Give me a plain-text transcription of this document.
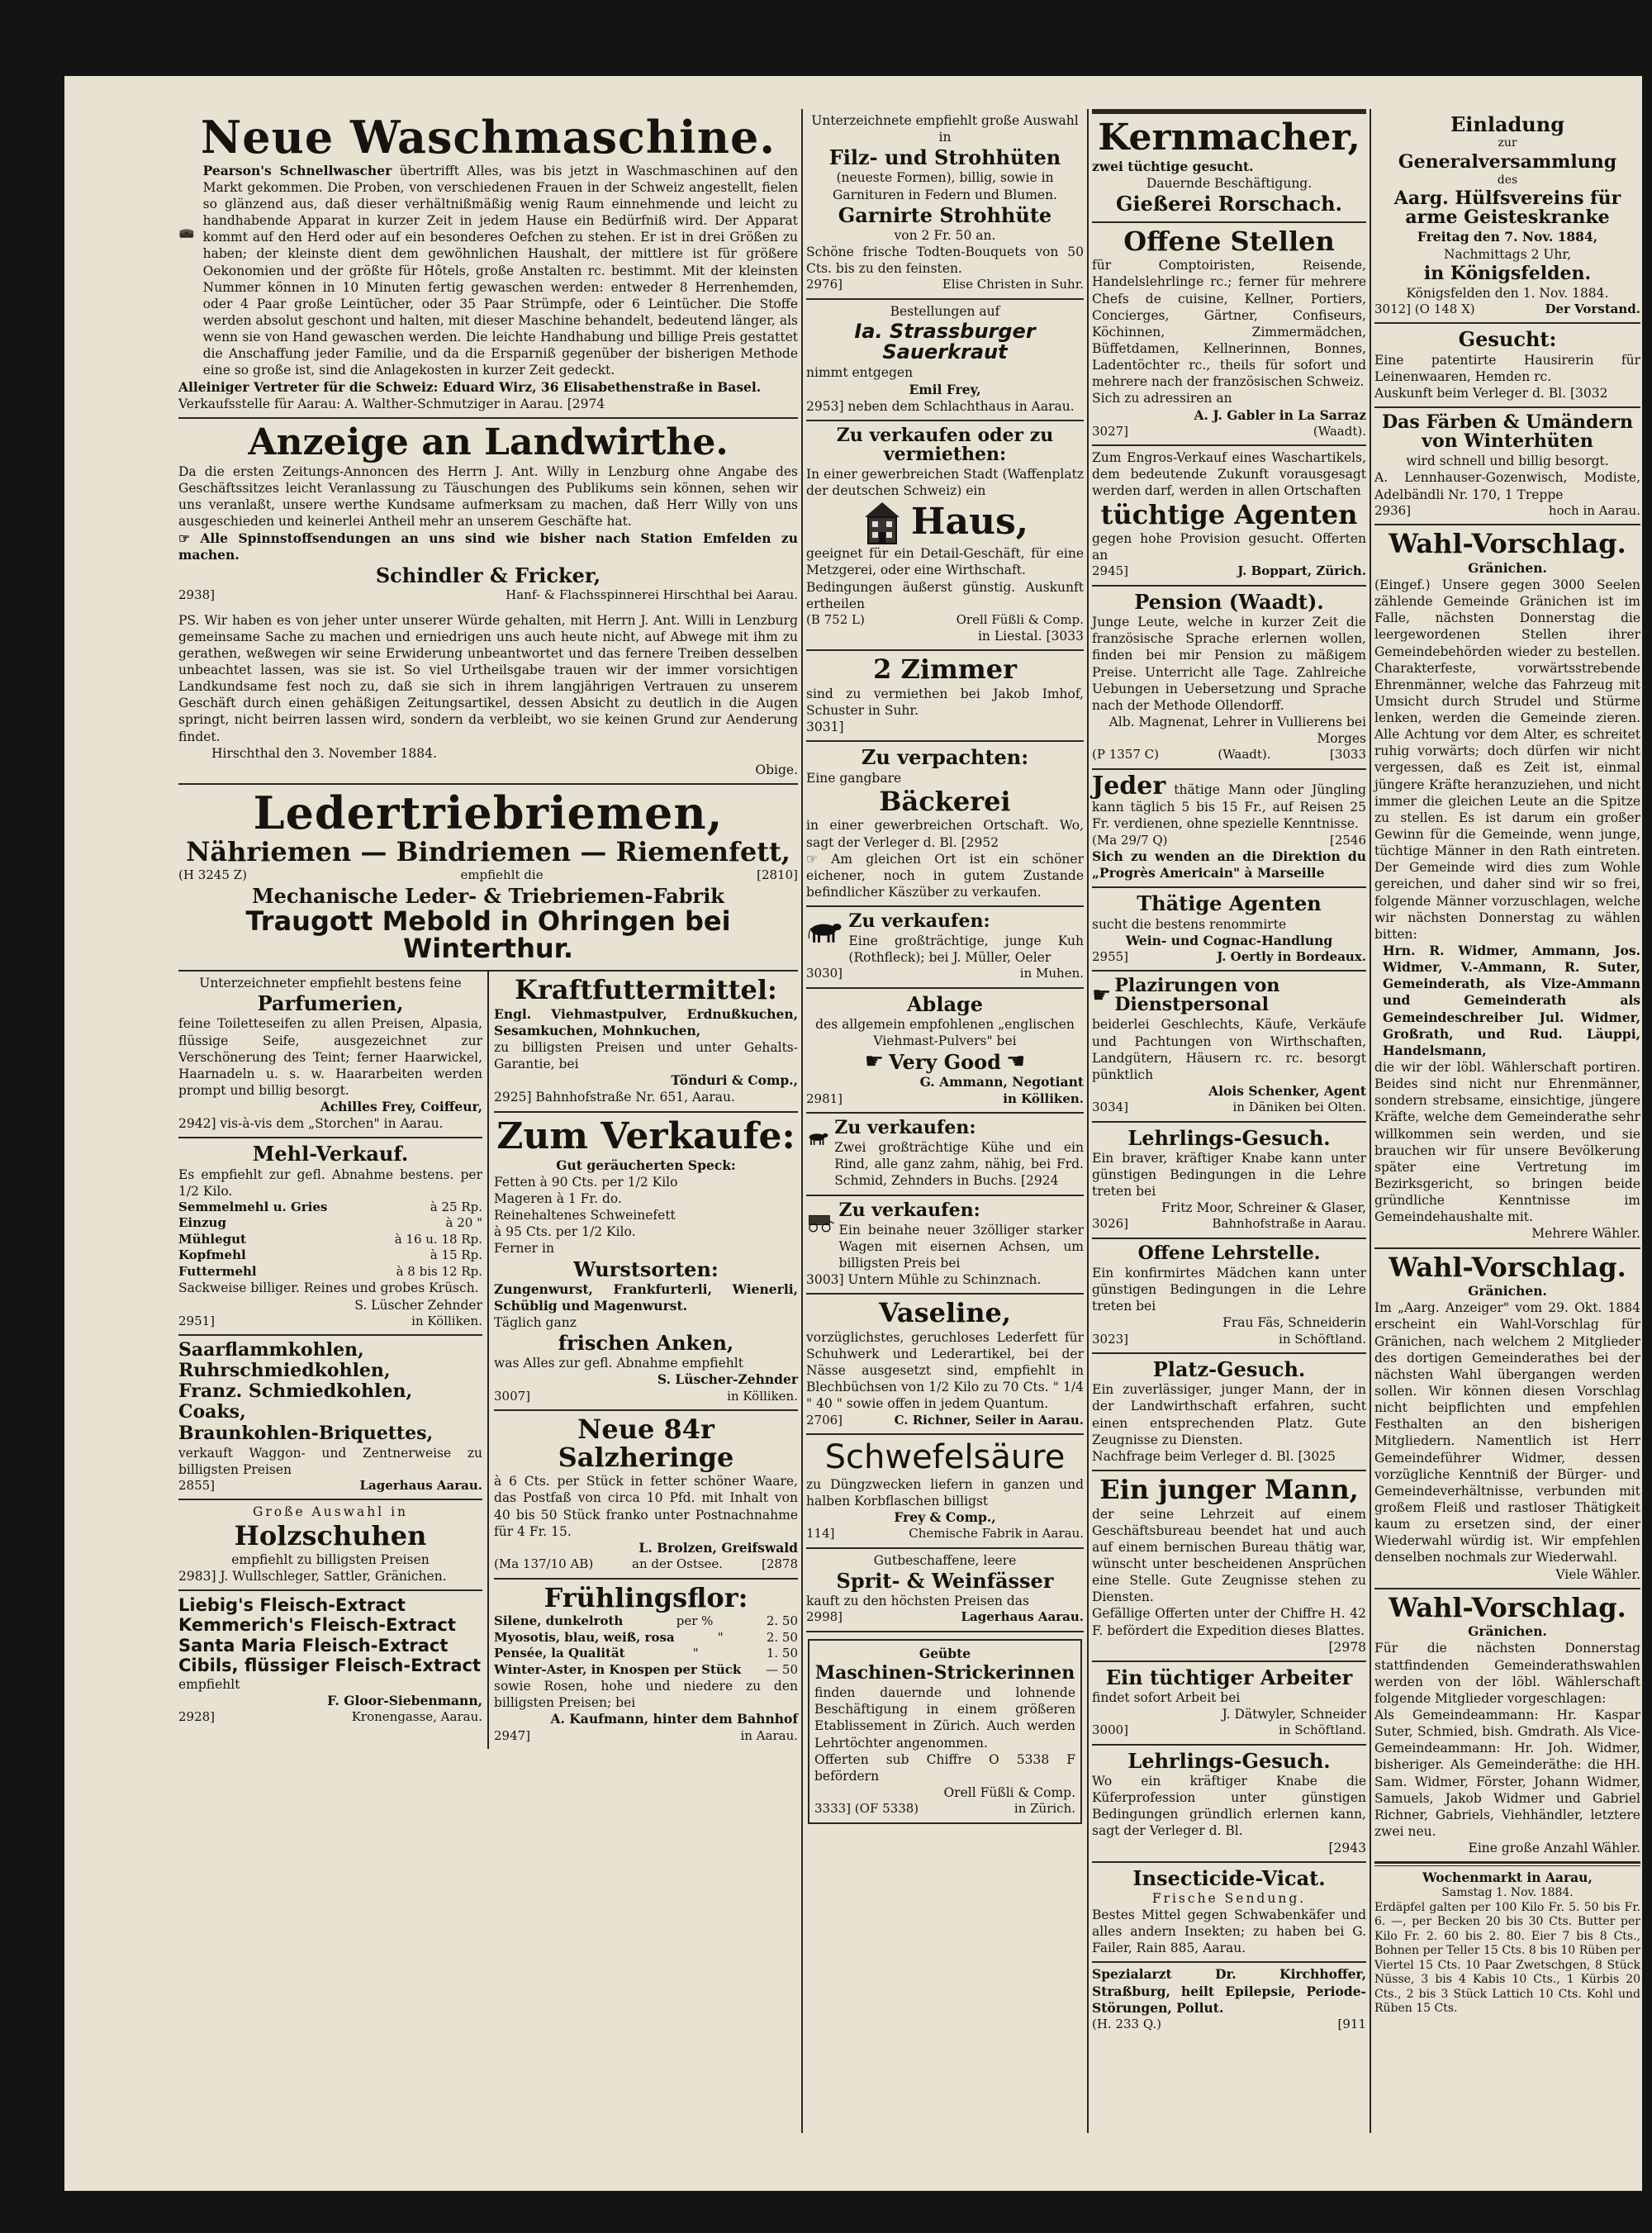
Neue Waschmaschine.

Pearson's Schnellwascher übertrifft Alles, was bis jetzt in Waschmaschinen auf den Markt gekommen. Die Proben, von verschiedenen Frauen in der Schweiz angestellt, fielen so glänzend aus, daß dieser verhältnißmäßig wenig Raum einnehmende und leicht zu handhabende Apparat in kurzer Zeit in jedem Hause ein Bedürfniß wird. Der Apparat kommt auf den Herd oder auf ein besonderes Oefchen zu stehen. Er ist in drei Größen zu haben; der kleinste dient dem gewöhnlichen Haushalt, der mittlere ist für größere Oekonomien und der größte für Hôtels, große Anstalten rc. bestimmt. Mit der kleinsten Nummer können in 10 Minuten fertig gewaschen werden: entweder 8 Herrenhemden, oder 4 Paar große Leintücher, oder 35 Paar Strümpfe, oder 6 Leintücher. Die Stoffe werden absolut geschont und halten, mit dieser Maschine behandelt, bedeutend länger, als wenn sie von Hand gewaschen werden. Die leichte Handhabung und billige Preis gestattet die Anschaffung jeder Familie, und da die Ersparniß gegenüber der bisherigen Methode eine so große ist, sind die Anlagekosten in kurzer Zeit gedeckt.

Alleiniger Vertreter für die Schweiz: Eduard Wirz, 36 Elisabethenstraße in Basel.

Verkaufsstelle für Aarau: A. Walther-Schmutziger in Aarau. [2974

Anzeige an Landwirthe.

Da die ersten Zeitungs-Annoncen des Herrn J. Ant. Willy in Lenzburg ohne Angabe des Geschäftssitzes leicht Veranlassung zu Täuschungen des Publikums sein können, sehen wir uns veranlaßt, unsere werthe Kundsame aufmerksam zu machen, daß Herr Willy von uns ausgeschieden und keinerlei Antheil mehr an unserem Geschäfte hat.

☞ Alle Spinnstoffsendungen an uns sind wie bisher nach Station Emfelden zu machen.

Schindler & Fricker,
2938]	Hanf- & Flachsspinnerei Hirschthal bei Aarau.

PS. Wir haben es von jeher unter unserer Würde gehalten, mit Herrn J. Ant. Willi in Lenzburg gemeinsame Sache zu machen und erniedrigen uns auch heute nicht, auf Abwege mit ihm zu gerathen, weßwegen wir seine Erwiderung unbeantwortet und das fernere Treiben desselben unbeachtet lassen, was sie ist. So viel Urtheilsgabe trauen wir der immer vorsichtigen Landkundsame fest noch zu, daß sie sich in ihrem langjährigen Vertrauen zu unserem Geschäft durch einen gehäßigen Zeitungsartikel, dessen Absicht zu deutlich in die Augen springt, nicht beirren lassen wird, sondern da verbleibt, wo sie keinen Grund zur Aenderung findet.

Hirschthal den 3. November 1884.

Obige.

Ledertriebriemen,
Nähriemen — Bindriemen — Riemenfett,
(H 3245 Z)	empfiehlt die	[2810]
Mechanische Leder- & Triebriemen-Fabrik
Traugott Mebold in Ohringen bei Winterthur.

Unterzeichneter empfiehlt bestens feine

Parfumerien,

feine Toiletteseifen zu allen Preisen, Alpasia, flüssige Seife, ausgezeichnet zur Verschönerung des Teint; ferner Haarwickel, Haarnadeln u. s. w. Haararbeiten werden prompt und billig besorgt.

Achilles Frey, Coiffeur,

2942] vis-à-vis dem „Storchen" in Aarau.

Mehl-Verkauf.

Es empfiehlt zur gefl. Abnahme bestens. per 1/2 Kilo.

Semmelmehl u. Gries	à 25 Rp.
Einzug	à 20 "
Mühlegut	à 16 u. 18 Rp.
Kopfmehl	à 15 Rp.
Futtermehl	à 8 bis 12 Rp.

Sackweise billiger. Reines und grobes Krüsch.

S. Lüscher Zehnder

2951]	in Kölliken.
Saarflammkohlen,
Ruhrschmiedkohlen,
Franz. Schmiedkohlen,
Coaks,
Braunkohlen-Briquettes,

verkauft Waggon- und Zentnerweise zu billigsten Preisen

2855]	Lagerhaus Aarau.

Große Auswahl in

Holzschuhen

empfiehlt zu billigsten Preisen

2983] J. Wullschleger, Sattler, Gränichen.

Liebig's Fleisch-Extract
Kemmerich's Fleisch-Extract
Santa Maria Fleisch-Extract
Cibils, flüssiger Fleisch-Extract

empfiehlt

F. Gloor-Siebenmann,

2928]	Kronengasse, Aarau.
Kraftfuttermittel:

Engl. Viehmastpulver, Erdnußkuchen, Sesamkuchen, Mohnkuchen,

zu billigsten Preisen und unter Gehalts-Garantie, bei

Tönduri & Comp.,

2925] Bahnhofstraße Nr. 651, Aarau.

Zum Verkaufe:

Gut geräucherten Speck:

Fetten à 90 Cts. per 1/2 Kilo
Mageren à 1 Fr. do.
Reinehaltenes Schweinefett
à 95 Cts. per 1/2 Kilo.

Ferner in

Wurstsorten:

Zungenwurst, Frankfurterli, Wienerli, Schüblig und Magenwurst.

Täglich ganz

frischen Anken,

was Alles zur gefl. Abnahme empfiehlt

S. Lüscher-Zehnder

3007]	in Kölliken.
Neue 84r Salzheringe

à 6 Cts. per Stück in fetter schöner Waare, das Postfaß von circa 10 Pfd. mit Inhalt von 40 bis 50 Stück franko unter Postnachnahme für 4 Fr. 15.

L. Brolzen, Greifswald

(Ma 137/10 AB)	an der Ostsee.	[2878
Frühlingsflor:
Silene, dunkelroth	per %	2. 50
Myosotis, blau, weiß, rosa	"	2. 50
Pensée, la Qualität	"	1. 50
Winter-Aster, in Knospen per Stück — 50

sowie Rosen, hohe und niedere zu den billigsten Preisen; bei

A. Kaufmann, hinter dem Bahnhof

2947]	in Aarau.

Unterzeichnete empfiehlt große Auswahl in

Filz- und Strohhüten

(neueste Formen), billig, sowie in Garnituren in Federn und Blumen.

Garnirte Strohhüte

von 2 Fr. 50 an.

Schöne frische Todten-Bouquets von 50 Cts. bis zu den feinsten.

2976]	Elise Christen in Suhr.

Bestellungen auf

Ia. Strassburger Sauerkraut

nimmt entgegen

Emil Frey,

2953] neben dem Schlachthaus in Aarau.

Zu verkaufen oder zu vermiethen:

In einer gewerbreichen Stadt (Waffenplatz der deutschen Schweiz) ein

Haus,

geeignet für ein Detail-Geschäft, für eine Metzgerei, oder eine Wirthschaft.

Bedingungen äußerst günstig. Auskunft ertheilen

(B 752 L)	Orell Füßli & Comp.

in Liestal. [3033

2 Zimmer

sind zu vermiethen bei Jakob Imhof, Schuster in Suhr.

3031]

Zu verpachten:

Eine gangbare

Bäckerei

in einer gewerbreichen Ortschaft. Wo, sagt der Verleger d. Bl. [2952

☞ Am gleichen Ort ist ein schöner eichener, noch in gutem Zustande befindlicher Käszüber zu verkaufen.

Zu verkaufen:

Eine großträchtige, junge Kuh (Rothfleck); bei J. Müller, Oeler

3030]	in Muhen.
Ablage

des allgemein empfohlenen „englischen Viehmast-Pulvers" bei

☛ Very Good ☚

G. Ammann, Negotiant

2981]	in Kölliken.
Zu verkaufen:

Zwei großträchtige Kühe und ein Rind, alle ganz zahm, nähig, bei Frd. Schmid, Zehnders in Buchs. [2924

Zu verkaufen:

Ein beinahe neuer 3zölliger starker Wagen mit eisernen Achsen, um billigsten Preis bei

3003] Untern Mühle zu Schinznach.

Vaseline,

vorzüglichstes, geruchloses Lederfett für Schuhwerk und Lederartikel, bei der Nässe ausgesetzt sind, empfiehlt in Blechbüchsen von 1/2 Kilo zu 70 Cts. " 1/4 " 40 " sowie offen in jedem Quantum.

2706]	C. Richner, Seiler in Aarau.
Schwefelsäure

zu Düngzwecken liefern in ganzen und halben Korbflaschen billigst

Frey & Comp.,

114]	Chemische Fabrik in Aarau.

Gutbeschaffene, leere

Sprit- & Weinfässer

kauft zu den höchsten Preisen das

2998]	Lagerhaus Aarau.

Geübte

Maschinen-Strickerinnen

finden dauernde und lohnende Beschäftigung in einem größeren Etablissement in Zürich. Auch werden Lehrtöchter angenommen.

Offerten sub Chiffre O 5338 F befördern

Orell Füßli & Comp.

3333] (OF 5338)	in Zürich.
Kernmacher,

zwei tüchtige gesucht.

Dauernde Beschäftigung.

Gießerei Rorschach.
Offene Stellen

für Comptoiristen, Reisende, Handelslehrlinge rc.; ferner für mehrere Chefs de cuisine, Kellner, Portiers, Concierges, Gärtner, Confiseurs, Köchinnen, Zimmermädchen, Büffetdamen, Kellnerinnen, Bonnes, Ladentöchter rc., theils für sofort und mehrere nach der französischen Schweiz.

Sich zu adressiren an

A. J. Gabler in La Sarraz

3027]	(Waadt).

Zum Engros-Verkauf eines Waschartikels, dem bedeutende Zukunft vorausgesagt werden darf, werden in allen Ortschaften

tüchtige Agenten

gegen hohe Provision gesucht. Offerten an

2945]	J. Boppart, Zürich.
Pension (Waadt).

Junge Leute, welche in kurzer Zeit die französische Sprache erlernen wollen, finden bei mir Pension zu mäßigem Preise. Unterricht alle Tage. Zahlreiche Uebungen in Uebersetzung und Sprache nach der Methode Ollendorff.

Alb. Magnenat, Lehrer in Vullierens bei Morges

(P 1357 C)	(Waadt).	[3033

Jeder thätige Mann oder Jüngling kann täglich 5 bis 15 Fr., auf Reisen 25 Fr. verdienen, ohne spezielle Kenntnisse.

(Ma 29/7 Q)	[2546

Sich zu wenden an die Direktion du „Progrès Americain" à Marseille

Thätige Agenten

sucht die bestens renommirte

Wein- und Cognac-Handlung

2955]	J. Oertly in Bordeaux.
☛ Plazirungen von Dienstpersonal

beiderlei Geschlechts, Käufe, Verkäufe und Pachtungen von Wirthschaften, Landgütern, Häusern rc. rc. besorgt pünktlich

Alois Schenker, Agent

3034]	in Däniken bei Olten.
Lehrlings-Gesuch.

Ein braver, kräftiger Knabe kann unter günstigen Bedingungen in die Lehre treten bei

Fritz Moor, Schreiner & Glaser,

3026]	Bahnhofstraße in Aarau.
Offene Lehrstelle.

Ein konfirmirtes Mädchen kann unter günstigen Bedingungen in die Lehre treten bei

Frau Fäs, Schneiderin

3023]	in Schöftland.
Platz-Gesuch.

Ein zuverlässiger, junger Mann, der in der Landwirthschaft erfahren, sucht einen entsprechenden Platz. Gute Zeugnisse zu Diensten.

Nachfrage beim Verleger d. Bl. [3025

Ein junger Mann,

der seine Lehrzeit auf einem Geschäftsbureau beendet hat und auch auf einem bernischen Bureau thätig war, wünscht unter bescheidenen Ansprüchen eine Stelle. Gute Zeugnisse stehen zu Diensten.

Gefällige Offerten unter der Chiffre H. 42 F. befördert die Expedition dieses Blattes.

[2978

Ein tüchtiger Arbeiter

findet sofort Arbeit bei

J. Dätwyler, Schneider

3000]	in Schöftland.
Lehrlings-Gesuch.

Wo ein kräftiger Knabe die Küferprofession unter günstigen Bedingungen gründlich erlernen kann, sagt der Verleger d. Bl.

[2943

Insecticide-Vicat.

Frische Sendung.

Bestes Mittel gegen Schwabenkäfer und alles andern Insekten; zu haben bei G. Failer, Rain 885, Aarau.

Spezialarzt Dr. Kirchhoffer, Straßburg, heilt Epilepsie, Periode-Störungen, Pollut.

(H. 233 Q.)	[911
Einladung

zur

Generalversammlung

des

Aarg. Hülfsvereins für arme Geisteskranke

Freitag den 7. Nov. 1884,

Nachmittags 2 Uhr,

in Königsfelden.

Königsfelden den 1. Nov. 1884.

3012] (O 148 X)	Der Vorstand.
Gesucht:

Eine patentirte Hausirerin für Leinenwaaren, Hemden rc.

Auskunft beim Verleger d. Bl. [3032

Das Färben & Umändern von Winterhüten

wird schnell und billig besorgt.

A. Lennhauser-Gozenwisch, Modiste, Adelbändli Nr. 170, 1 Treppe

2936]	hoch in Aarau.
Wahl-Vorschlag.

Gränichen.

(Eingef.) Unsere gegen 3000 Seelen zählende Gemeinde Gränichen ist im Falle, nächsten Donnerstag die leergewordenen Stellen ihrer Gemeindebehörden wieder zu bestellen. Charakterfeste, vorwärtsstrebende Ehrenmänner, welche das Fahrzeug mit Umsicht durch Strudel und Stürme lenken, werden die Gemeinde zieren. Alle Achtung vor dem Alter, es schreitet ruhig vorwärts; doch dürfen wir nicht vergessen, daß es Zeit ist, einmal jüngere Kräfte heranzuziehen, und nicht immer die gleichen Leute an die Spitze zu stellen. Es ist darum ein großer Gewinn für die Gemeinde, wenn junge, tüchtige Männer in den Rath eintreten. Der Gemeinde wird dies zum Wohle gereichen, und daher sind wir so frei, folgende Männer vorzuschlagen, welche wir nächsten Donnerstag zu wählen bitten:

Hrn. R. Widmer, Ammann, Jos. Widmer, V.-Ammann, R. Suter, Gemeinderath, als Vize-Ammann und Gemeinderath als Gemeindeschreiber Jul. Widmer, Großrath, und Rud. Läuppi, Handelsmann,

die wir der löbl. Wählerschaft portiren. Beides sind nicht nur Ehrenmänner, sondern strebsame, einsichtige, jüngere Kräfte, welche dem Gemeinderathe sehr willkommen sein werden, und sie brauchen wir für unsere Bevölkerung später eine Vertretung im Bezirksgericht, so bringen beide gründliche Kenntnisse im Gemeindehaushalte mit.

Mehrere Wähler.

Wahl-Vorschlag.

Gränichen.

Im „Aarg. Anzeiger" vom 29. Okt. 1884 erscheint ein Wahl-Vorschlag für Gränichen, nach welchem 2 Mitglieder des dortigen Gemeinderathes bei der nächsten Wahl übergangen werden sollen. Wir können diesen Vorschlag nicht beipflichten und empfehlen Festhalten an den bisherigen Mitgliedern. Namentlich ist Herr Gemeindeführer Widmer, dessen vorzügliche Kenntniß der Bürger- und Gemeindeverhältnisse, verbunden mit großem Fleiß und rastloser Thätigkeit kaum zu ersetzen sind, der einer Wiederwahl würdig ist. Wir empfehlen denselben nochmals zur Wiederwahl.

Viele Wähler.

Wahl-Vorschlag.

Gränichen.

Für die nächsten Donnerstag stattfindenden Gemeinderathswahlen werden von der löbl. Wählerschaft folgende Mitglieder vorgeschlagen:

Als Gemeindeammann: Hr. Kaspar Suter, Schmied, bish. Gmdrath. Als Vice-Gemeindeammann: Hr. Joh. Widmer, bisheriger. Als Gemeinderäthe: die HH. Sam. Widmer, Förster, Johann Widmer, Samuels, Jakob Widmer und Gabriel Richner, Gabriels, Viehhändler, letztere zwei neu.

Eine große Anzahl Wähler.

Wochenmarkt in Aarau,

Samstag 1. Nov. 1884.

Erdäpfel galten per 100 Kilo Fr. 5. 50 bis Fr. 6. —, per Becken 20 bis 30 Cts. Butter per Kilo Fr. 2. 60 bis 2. 80. Eier 7 bis 8 Cts., Bohnen per Teller 15 Cts. 8 bis 10 Rüben per Viertel 15 Cts. 10 Paar Zwetschgen, 8 Stück Nüsse, 3 bis 4 Kabis 10 Cts., 1 Kürbis 20 Cts., 2 bis 3 Stück Lattich 10 Cts. Kohl und Rüben 15 Cts.
